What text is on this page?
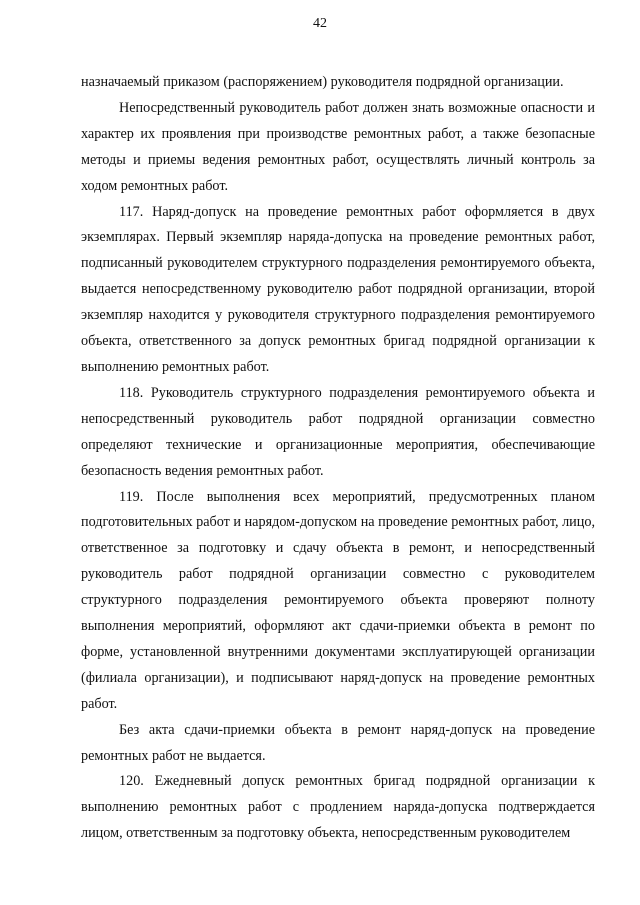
42

назначаемый приказом (распоряжением) руководителя подрядной организации.

Непосредственный руководитель работ должен знать возможные опасности и характер их проявления при производстве ремонтных работ, а также безопасные методы и приемы ведения ремонтных работ, осуществлять личный контроль за ходом ремонтных работ.

117. Наряд-допуск на проведение ремонтных работ оформляется в двух экземплярах. Первый экземпляр наряда-допуска на проведение ремонтных работ, подписанный руководителем структурного подразделения ремонтируемого объекта, выдается непосредственному руководителю работ подрядной организации, второй экземпляр находится у руководителя структурного подразделения ремонтируемого объекта, ответственного за допуск ремонтных бригад подрядной организации к выполнению ремонтных работ.

118. Руководитель структурного подразделения ремонтируемого объекта и непосредственный руководитель работ подрядной организации совместно определяют технические и организационные мероприятия, обеспечивающие безопасность ведения ремонтных работ.

119. После выполнения всех мероприятий, предусмотренных планом подготовительных работ и нарядом-допуском на проведение ремонтных работ, лицо, ответственное за подготовку и сдачу объекта в ремонт, и непосредственный руководитель работ подрядной организации совместно с руководителем структурного подразделения ремонтируемого объекта проверяют полноту выполнения мероприятий, оформляют акт сдачи-приемки объекта в ремонт по форме, установленной внутренними документами эксплуатирующей организации (филиала организации), и подписывают наряд-допуск на проведение ремонтных работ.

Без акта сдачи-приемки объекта в ремонт наряд-допуск на проведение ремонтных работ не выдается.

120. Ежедневный допуск ремонтных бригад подрядной организации к выполнению ремонтных работ с продлением наряда-допуска подтверждается лицом, ответственным за подготовку объекта, непосредственным руководителем
